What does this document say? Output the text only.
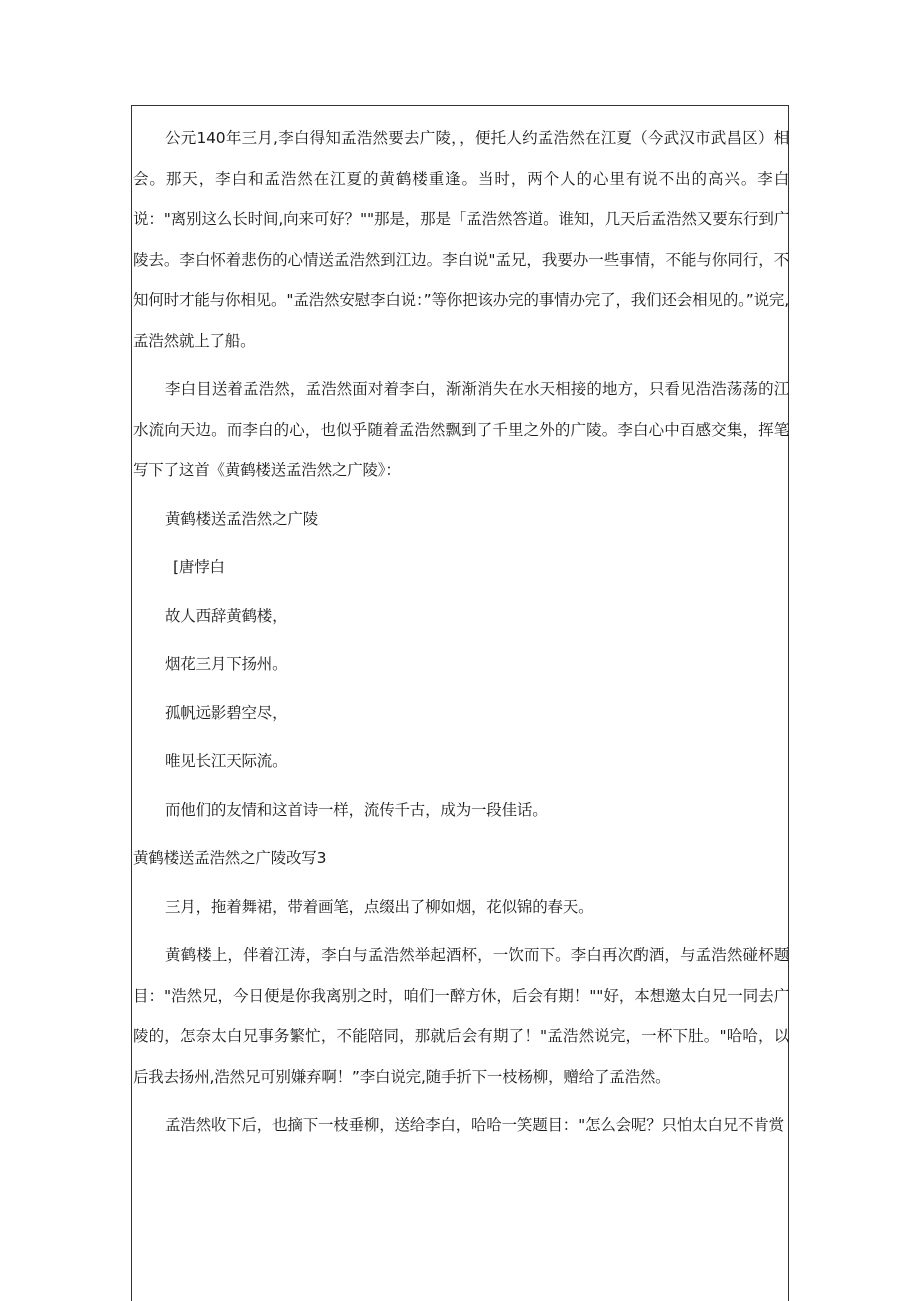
公元140年三月,李白得知孟浩然要去广陵，，便托人约孟浩然在江夏（今武汉市武昌区）相会。那天，李白和孟浩然在江夏的黄鹤楼重逢。当时，两个人的心里有说不出的高兴。李白说："离别这么长时间,向来可好？""那是，那是「孟浩然答道。谁知，几天后孟浩然又要东行到广陵去。李白怀着悲伤的心情送孟浩然到江边。李白说"孟兄，我要办一些事情，不能与你同行，不知何时才能与你相见。"孟浩然安慰李白说：”等你把该办完的事情办完了，我们还会相见的。”说完,孟浩然就上了船。

李白目送着孟浩然，孟浩然面对着李白，渐渐消失在水天相接的地方，只看见浩浩荡荡的江水流向天边。而李白的心，也似乎随着孟浩然飘到了千里之外的广陵。李白心中百感交集，挥笔写下了这首《黄鹤楼送孟浩然之广陵》：

黄鹤楼送孟浩然之广陵

[唐悖白

故人西辞黄鹤楼，

烟花三月下扬州。

孤帆远影碧空尽，

唯见长江天际流。

而他们的友情和这首诗一样，流传千古，成为一段佳话。

黄鹤楼送孟浩然之广陵改写3

三月，拖着舞裙，带着画笔，点缀出了柳如烟，花似锦的春天。

黄鹤楼上，伴着江涛，李白与孟浩然举起酒杯，一饮而下。李白再次酌酒，与孟浩然碰杯题目："浩然兄，今日便是你我离别之时，咱们一醉方休，后会有期！""好，本想邀太白兄一同去广陵的，怎奈太白兄事务繁忙，不能陪同，那就后会有期了！"孟浩然说完，一杯下肚。"哈哈，以后我去扬州,浩然兄可别嫌弃啊！”李白说完,随手折下一枝杨柳，赠给了孟浩然。

孟浩然收下后，也摘下一枝垂柳，送给李白，哈哈一笑题目："怎么会呢？只怕太白兄不肯赏
